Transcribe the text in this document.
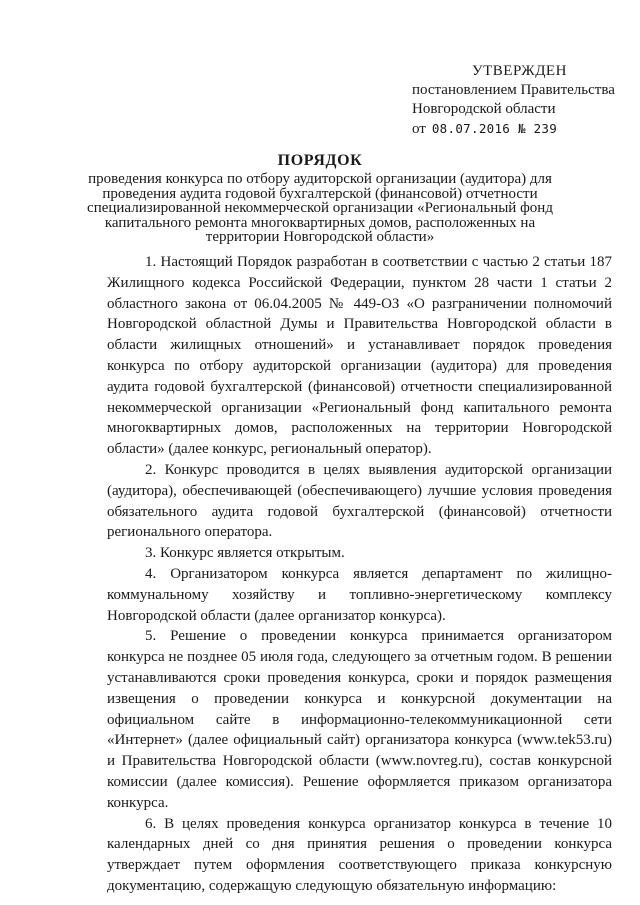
УТВЕРЖДЕН
постановлением Правительства
Новгородской области
от 08.07.2016 № 239
ПОРЯДОК
проведения конкурса по отбору аудиторской организации (аудитора) для
проведения аудита годовой бухгалтерской (финансовой) отчетности
специализированной некоммерческой организации «Региональный фонд
капитального ремонта многоквартирных домов, расположенных на
территории Новгородской области»

1. Настоящий Порядок разработан в соответствии с частью 2 статьи 187 Жилищного кодекса Российской Федерации, пунктом 28 части 1 статьи 2 областного закона от 06.04.2005 № 449-ОЗ «О разграничении полномочий Новгородской областной Думы и Правительства Новгородской области в области жилищных отношений» и устанавливает порядок проведения конкурса по отбору аудиторской организации (аудитора) для проведения аудита годовой бухгалтерской (финансовой) отчетности специализированной некоммерческой организации «Региональный фонд капитального ремонта многоквартирных домов, расположенных на территории Новгородской области» (далее конкурс, региональный оператор).

2. Конкурс проводится в целях выявления аудиторской организации (аудитора), обеспечивающей (обеспечивающего) лучшие условия проведения обязательного аудита годовой бухгалтерской (финансовой) отчетности регионального оператора.

3. Конкурс является открытым.

4. Организатором конкурса является департамент по жилищно-коммунальному хозяйству и топливно-энергетическому комплексу Новгородской области (далее организатор конкурса).

5. Решение о проведении конкурса принимается организатором конкурса не позднее 05 июля года, следующего за отчетным годом. В решении устанавливаются сроки проведения конкурса, сроки и порядок размещения извещения о проведении конкурса и конкурсной документации на официальном сайте в информационно-телекоммуникационной сети «Интернет» (далее официальный сайт) организатора конкурса (www.tek53.ru) и Правительства Новгородской области (www.novreg.ru), состав конкурсной комиссии (далее комиссия). Решение оформляется приказом организатора конкурса.

6. В целях проведения конкурса организатор конкурса в течение 10 календарных дней со дня принятия решения о проведении конкурса утверждает путем оформления соответствующего приказа конкурсную документацию, содержащую следующую обязательную информацию:
